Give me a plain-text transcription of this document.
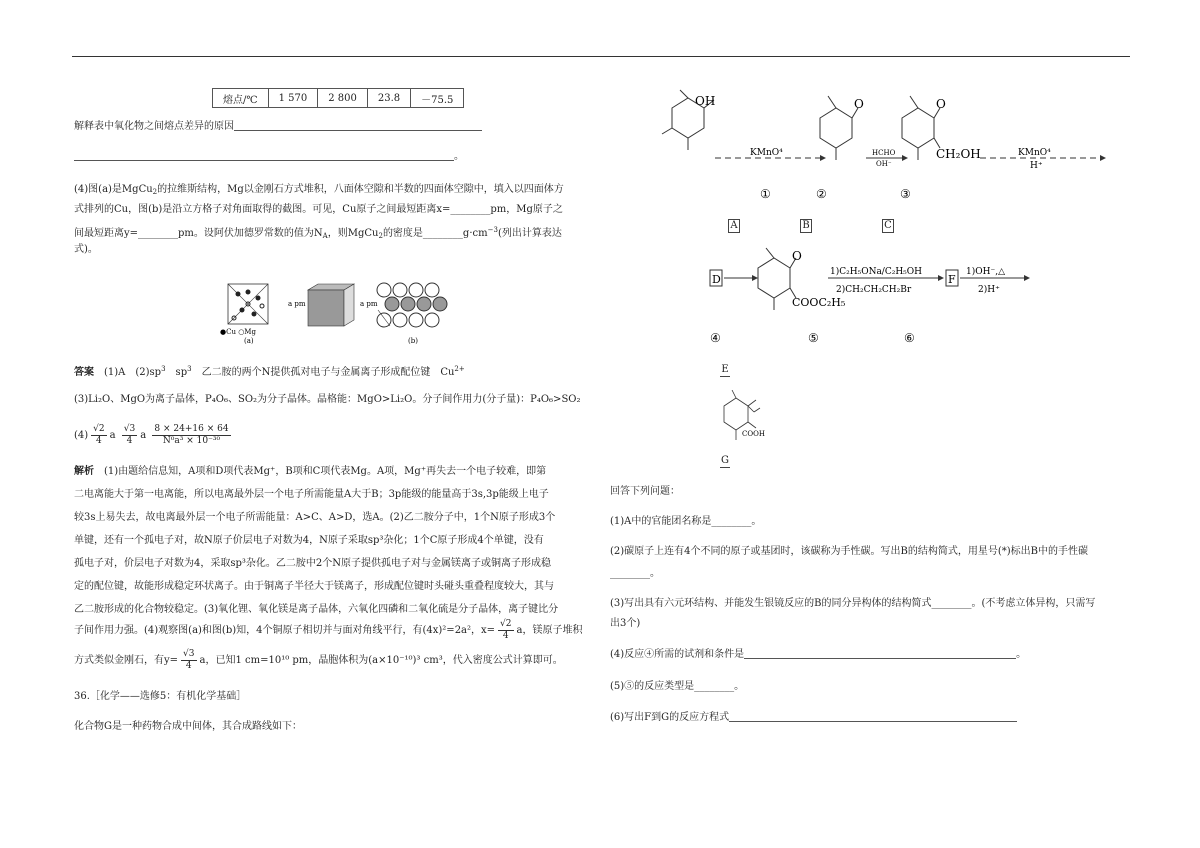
熔点/℃	1 570	2 800	23.8	－75.5
解释表中氧化物之间熔点差异的原因
。
(4)图(a)是MgCu$_2$的拉维斯结构，Mg以金刚石方式堆积，八面体空隙和半数的四面体空隙中，填入以四面体方
式排列的Cu，图(b)是沿立方格子对角面取得的截图。可见，Cu原子之间最短距离x=________pm，Mg原子之
间最短距离y=________pm。设阿伏加德罗常数的值为$N_A$，则MgCu$_2$的密度是$\_\_\_\_\_\_\_\_g\cdot cm^{-3}$(列出计算表达
式)。
●Cu ○Mg
(a)
a pm	a pm
(b)
答案　 (1)A　$(2)sp^3$　$sp^3$　乙二胺的两个N提供孤对电子与金属离子形成配位键　$Cu^{2+}$
(3)Li₂O、MgO为离子晶体，P₄O₆、SO₂为分子晶体。晶格能：MgO>Li₂O。分子间作用力(分子量)：P₄O₆>SO₂
$(4) \frac{√2}{4}$ a $\frac{√3}{4}$ a $\frac{8 \times 24+16 \times 64}{\text{N⁰a³ × 10⁻³⁰}}$
解析　 (1)由题给信息知，A项和D项代表Mg⁺，B项和C项代表Mg。A项，Mg⁺再失去一个电子较难，即第
二电离能大于第一电离能，所以电离最外层一个电子所需能量A大于B；3p能级的能量高于3s,3p能级上电子
较3s上易失去，故电离最外层一个电子所需能量：A>C、A>D，选A。(2)乙二胺分子中，1个N原子形成3个
单键，还有一个孤电子对，故N原子价层电子对数为4，N原子采取sp³杂化；1个C原子形成4个单键，没有
孤电子对，价层电子对数为4，采取sp³杂化。乙二胺中2个N原子提供孤电子对与金属镁离子或铜离子形成稳
定的配位键，故能形成稳定环状离子。由于铜离子半径大于镁离子，形成配位键时头碰头重叠程度较大，其与
乙二胺形成的化合物较稳定。(3)氧化锂、氧化镁是离子晶体，六氧化四磷和二氧化硫是分子晶体，离子键比分
子间作用力强。(4)观察图(a)和图(b)知，4个铜原子相切并与面对角线平行，有(4x)²=2a²，$x= \frac{√2}{4}$ a，镁原子堆积
方式类似金刚石，有$y= \frac{√3}{4}$ a，已知1 cm=10¹⁰ pm，晶胞体积为(a×10⁻¹⁰)³ cm³，代入密度公式计算即可。
36.［化学——选修5：有机化学基础］
化合物G是一种药物合成中间体，其合成路线如下：
OH
KMnO⁴
O
HCHO
OH⁻
O
CH₂OH	KMnO⁴
H⁺
①	②	③
A	B	C
D
O
COOC₂H₅
1)C₂H₅ONa/C₂H₅OH
2)CH₂CH₂CH₂Br
F
1)OH⁻,△
2)H⁺
④	⑤	⑥
E
COOH
G
回答下列问题：
(1)A中的官能团名称是________。
(2)碳原子上连有4个不同的原子或基团时，该碳称为手性碳。写出B的结构简式，用星号(*)标出B中的手性碳
________。
(3)写出具有六元环结构、并能发生银镜反应的B的同分异构体的结构简式________。(不考虑立体异构，只需写
出3个)
(4)反应④所需的试剂和条件是	。
(5)⑤的反应类型是________。
(6)写出F到G的反应方程式
